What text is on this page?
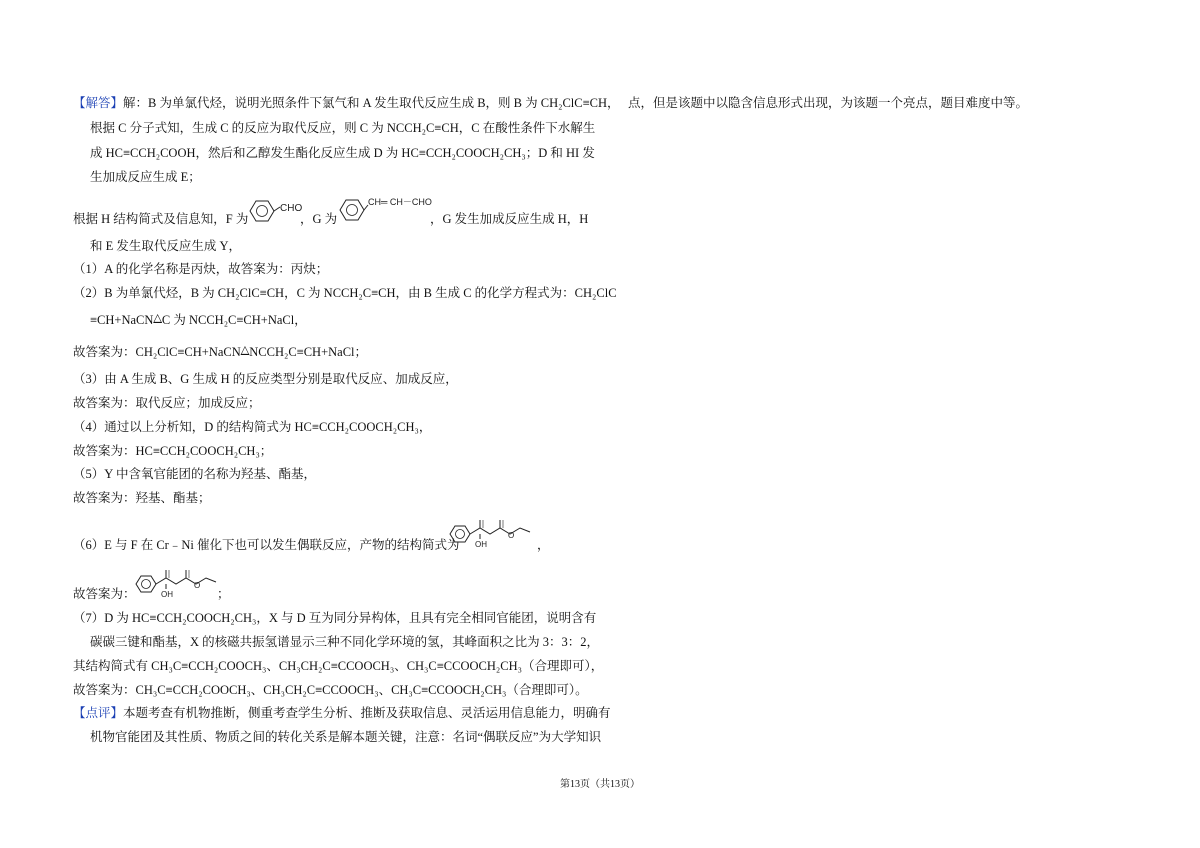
【解答】解：B 为单氯代烃，说明光照条件下氯气和 A 发生取代反应生成 B，则 B 为 CH₂ClC≡CH，
根据 C 分子式知，生成 C 的反应为取代反应，则 C 为 NCCH₂C≡CH，C 在酸性条件下水解生
成 HC≡CCH₂COOH，然后和乙醇发生酯化反应生成 D 为 HC≡CCH₂COOCH₂CH₃；D 和 HI 发
生加成反应生成 E；
根据 H 结构简式及信息知，F 为
CHO
，G 为
CH═ CH－CHO
，G 发生加成反应生成 H，H
和 E 发生取代反应生成 Y，
（1）A 的化学名称是丙炔，故答案为：丙炔；
（2）B 为单氯代烃，B 为 CH₂ClC≡CH，C 为 NCCH₂C≡CH，由 B 生成 C 的化学方程式为：CH₂ClC
≡CH+NaCN△C 为 NCCH₂C≡CH+NaCl，
故答案为：CH₂ClC≡CH+NaCN△NCCH₂C≡CH+NaCl；
（3）由 A 生成 B、G 生成 H 的反应类型分别是取代反应、加成反应，
故答案为：取代反应；加成反应；
（4）通过以上分析知，D 的结构简式为 HC≡CCH₂COOCH₂CH₃，
故答案为：HC≡CCH₂COOCH₂CH₃；
（5）Y 中含氧官能团的名称为羟基、酯基，
故答案为：羟基、酯基；
（6）E 与 F 在 Cr﹣Ni 催化下也可以发生偶联反应，产物的结构简式为 OH
O
，
故答案为：	OH
O
；
（7）D 为 HC≡CCH₂COOCH₂CH₃，X 与 D 互为同分异构体，且具有完全相同官能团，说明含有
碳碳三键和酯基，X 的核磁共振氢谱显示三种不同化学环境的氢，其峰面积之比为 3：3：2，
其结构简式有 CH₃C≡CCH₂COOCH₃、CH₃CH₂C≡CCOOCH₃、CH₃C≡CCOOCH₂CH₃（合理即可），
故答案为：CH₃C≡CCH₂COOCH₃、CH₃CH₂C≡CCOOCH₃、CH₃C≡CCOOCH₂CH₃（合理即可）。
【点评】本题考查有机物推断，侧重考查学生分析、推断及获取信息、灵活运用信息能力，明确有
机物官能团及其性质、物质之间的转化关系是解本题关键，注意：名词“偶联反应”为大学知识
点，但是该题中以隐含信息形式出现，为该题一个亮点，题目难度中等。
第13页（共13页）
